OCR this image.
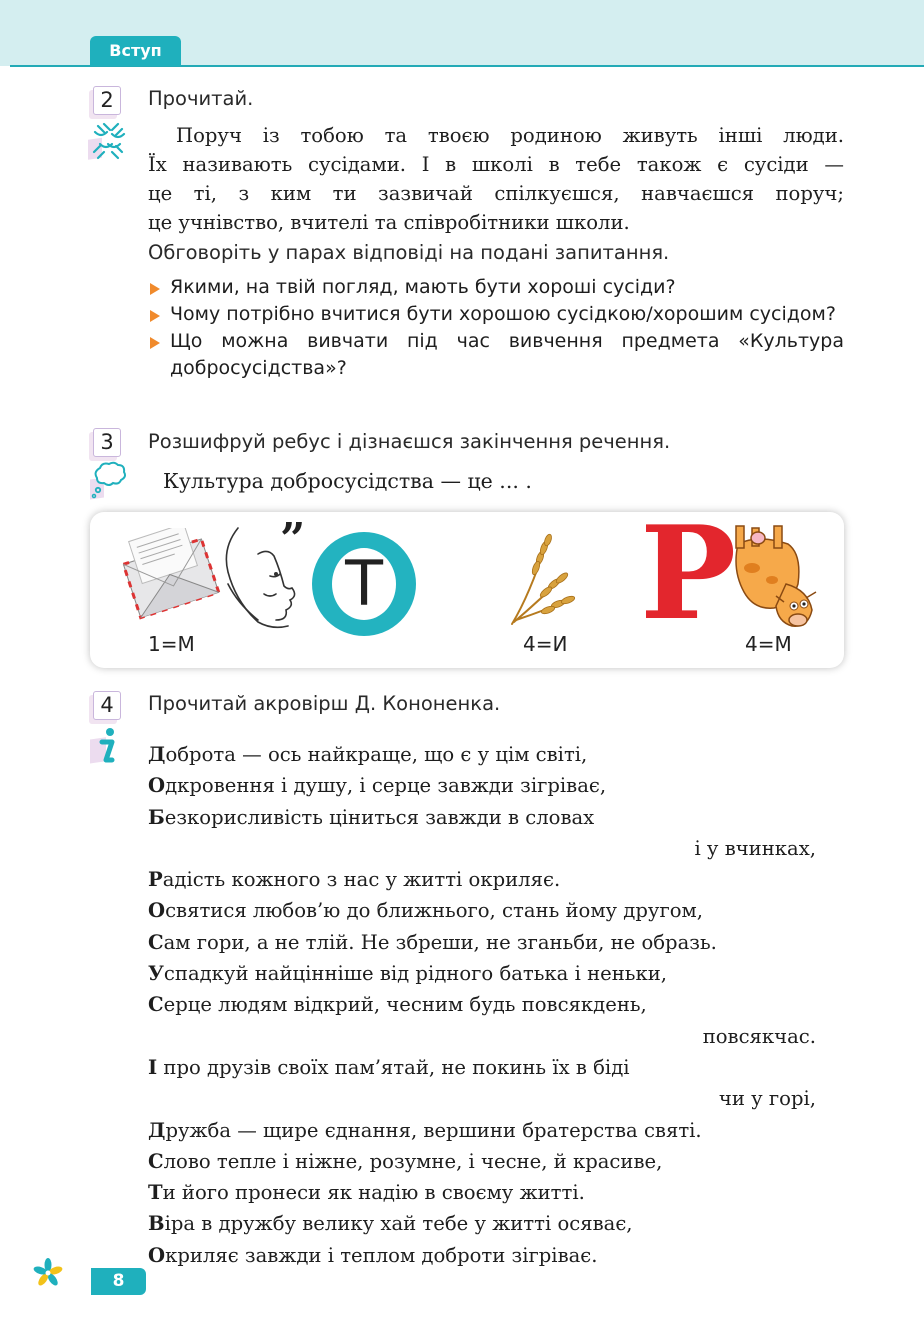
Вступ
2	Прочитай.
Поруч із тобою та твоєю родиною живуть інші люди.
Їх називають сусідами. І в школі в тебе також є сусіди —
це ті, з ким ти зазвичай спілкуєшся, навчаєшся поруч;
це учнівство, вчителі та співробітники школи.
Обговоріть у парах відповіді на подані запитання.
Якими, на твій погляд, мають бути хороші сусіди?
Чому потрібно вчитися бути хорошою сусідкою/хорошим сусідом?
Що можна вивчати під час вивчення предмета «Культура добросусідства»?
3	Розшифруй ребус і дізнаєшся закінчення речення.
Культура добросусідства — це ... .
”
Т Р
1=М	4=И	4=М
4	Прочитай акровірш Д. Кононенка.
Доброта — ось найкраще, що є у цім світі,
Одкровення і душу, і серце завжди зігріває,
Безкорисливість ціниться завжди в словах
і у вчинках,
Радість кожного з нас у житті окриляє.
Освятися любов’ю до ближнього, стань йому другом,
Сам гори, а не тлій. Не збреши, не зганьби, не образь.
Успадкуй найцінніше від рідного батька і неньки,
Серце людям відкрий, чесним будь повсякдень,
повсякчас.
І про друзів своїх пам’ятай, не покинь їх в біді
чи у горі,
Дружба — щире єднання, вершини братерства святі.
Слово тепле і ніжне, розумне, і чесне, й красиве,
Ти його пронеси як надію в своєму житті.
Віра в дружбу велику хай тебе у житті осяває,
Окриляє завжди і теплом доброти зігріває.
8
